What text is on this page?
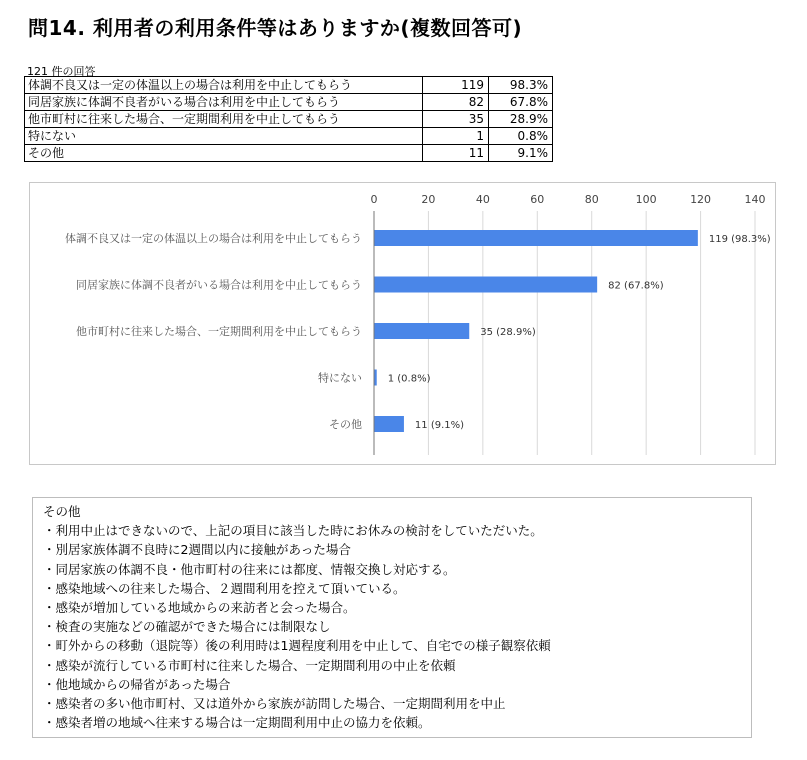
問14. 利用者の利用条件等はありますか(複数回答可)
121 件の回答
体調不良又は一定の体温以上の場合は利用を中止してもらう	119	98.3%
同居家族に体調不良者がいる場合は利用を中止してもらう	82	67.8%
他市町村に往来した場合、一定期間利用を中止してもらう	35	28.9%
特にない	1	0.8%
その他	11	9.1%
0	20	40	60	80	100	120	140
体調不良又は一定の体温以上の場合は利用を中止してもらう	119 (98.3%)
同居家族に体調不良者がいる場合は利用を中止してもらう	82 (67.8%)
他市町村に往来した場合、一定期間利用を中止してもらう	35 (28.9%)
特にない	1 (0.8%)
その他	11 (9.1%)
その他
・利用中止はできないので、上記の項目に該当した時にお休みの検討をしていただいた。
・別居家族体調不良時に2週間以内に接触があった場合
・同居家族の体調不良・他市町村の往来には都度、情報交換し対応する。
・感染地域への往来した場合、２週間利用を控えて頂いている。
・感染が増加している地域からの来訪者と会った場合。
・検査の実施などの確認ができた場合には制限なし
・町外からの移動（退院等）後の利用時は1週程度利用を中止して、自宅での様子観察依頼
・感染が流行している市町村に往来した場合、一定期間利用の中止を依頼
・他地域からの帰省があった場合
・感染者の多い他市町村、又は道外から家族が訪問した場合、一定期間利用を中止
・感染者増の地域へ往来する場合は一定期間利用中止の協力を依頼。
